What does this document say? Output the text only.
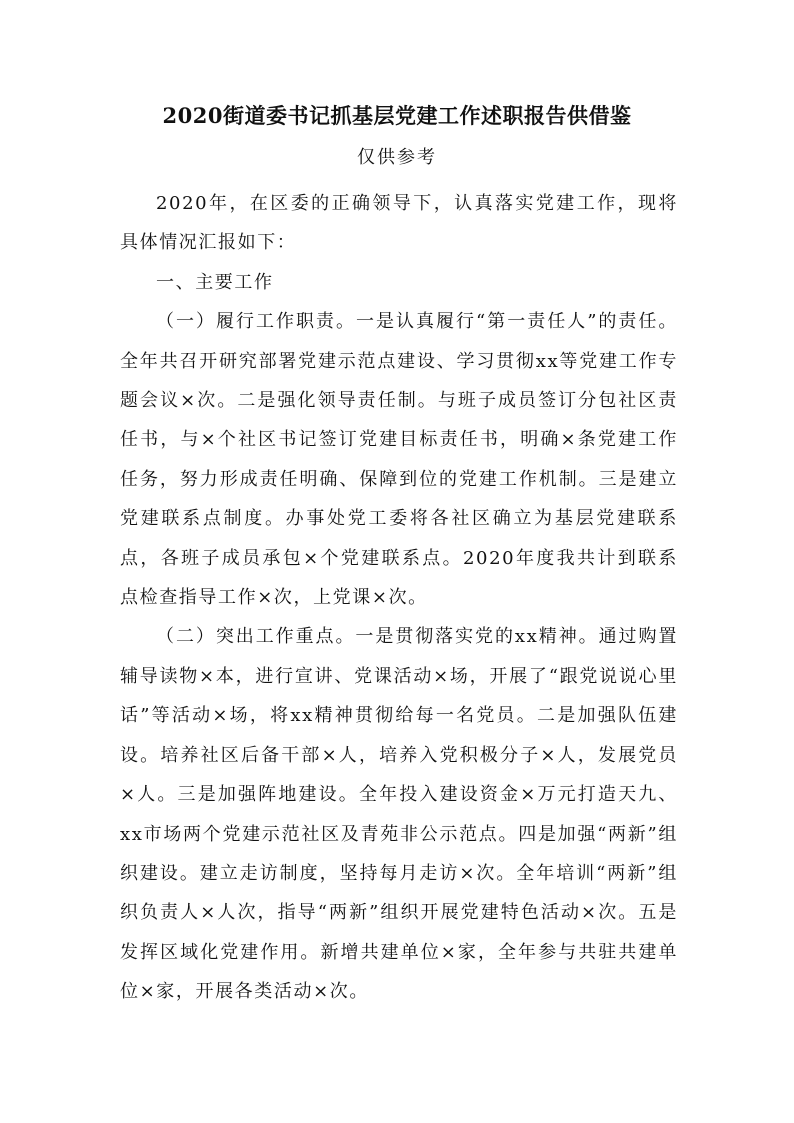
2020街道委书记抓基层党建工作述职报告供借鉴
仅供参考

2020年，在区委的正确领导下，认真落实党建工作，现将具体情况汇报如下：

一、主要工作

（一）履行工作职责。一是认真履行“第一责任人”的责任。全年共召开研究部署党建示范点建设、学习贯彻xx等党建工作专题会议×次。二是强化领导责任制。与班子成员签订分包社区责任书，与×个社区书记签订党建目标责任书，明确×条党建工作任务，努力形成责任明确、保障到位的党建工作机制。三是建立党建联系点制度。办事处党工委将各社区确立为基层党建联系点，各班子成员承包×个党建联系点。2020年度我共计到联系点检查指导工作×次，上党课×次。

（二）突出工作重点。一是贯彻落实党的xx精神。通过购置辅导读物×本，进行宣讲、党课活动×场，开展了“跟党说说心里话”等活动×场，将xx精神贯彻给每一名党员。二是加强队伍建设。培养社区后备干部×人，培养入党积极分子×人，发展党员×人。三是加强阵地建设。全年投入建设资金×万元打造天九、xx市场两个党建示范社区及青苑非公示范点。四是加强“两新”组织建设。建立走访制度，坚持每月走访×次。全年培训“两新”组织负责人×人次，指导“两新”组织开展党建特色活动×次。五是发挥区域化党建作用。新增共建单位×家，全年参与共驻共建单位×家，开展各类活动×次。
